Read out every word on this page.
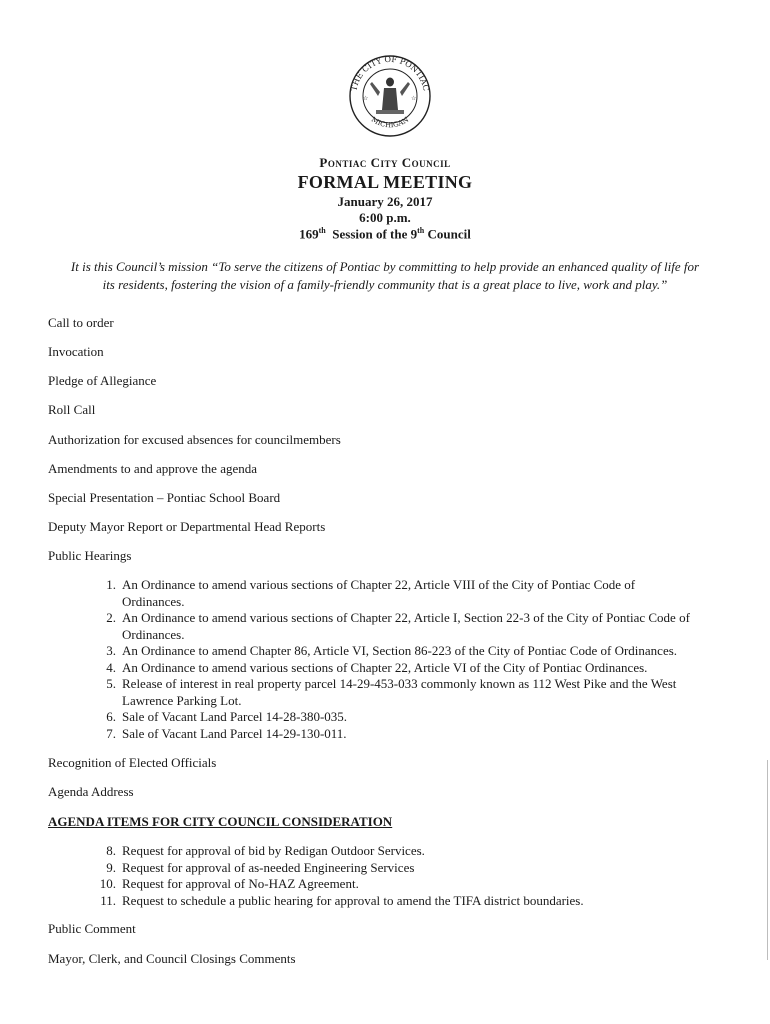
THE CITY OF PONTIAC
MICHIGAN
☆	☆
Pontiac City Council
FORMAL MEETING
January 26, 2017
6:00 p.m.
169th Session of the 9th Council
It is this Council’s mission “To serve the citizens of Pontiac by committing to help provide an enhanced quality of life for
its residents, fostering the vision of a family-friendly community that is a great place to live, work and play.”
Call to order
Invocation
Pledge of Allegiance
Roll Call
Authorization for excused absences for councilmembers
Amendments to and approve the agenda
Special Presentation – Pontiac School Board
Deputy Mayor Report or Departmental Head Reports
Public Hearings
1. An Ordinance to amend various sections of Chapter 22, Article VIII of the City of Pontiac Code of
Ordinances.
2. An Ordinance to amend various sections of Chapter 22, Article I, Section 22-3 of the City of Pontiac Code of
Ordinances.
3. An Ordinance to amend Chapter 86, Article VI, Section 86-223 of the City of Pontiac Code of Ordinances.
4. An Ordinance to amend various sections of Chapter 22, Article VI of the City of Pontiac Ordinances.
5. Release of interest in real property parcel 14-29-453-033 commonly known as 112 West Pike and the West
Lawrence Parking Lot.
6. Sale of Vacant Land Parcel 14-28-380-035.
7. Sale of Vacant Land Parcel 14-29-130-011.
Recognition of Elected Officials
Agenda Address
AGENDA ITEMS FOR CITY COUNCIL CONSIDERATION
8. Request for approval of bid by Redigan Outdoor Services.
9. Request for approval of as-needed Engineering Services
10. Request for approval of No-HAZ Agreement.
11. Request to schedule a public hearing for approval to amend the TIFA district boundaries.
Public Comment
Mayor, Clerk, and Council Closings Comments
